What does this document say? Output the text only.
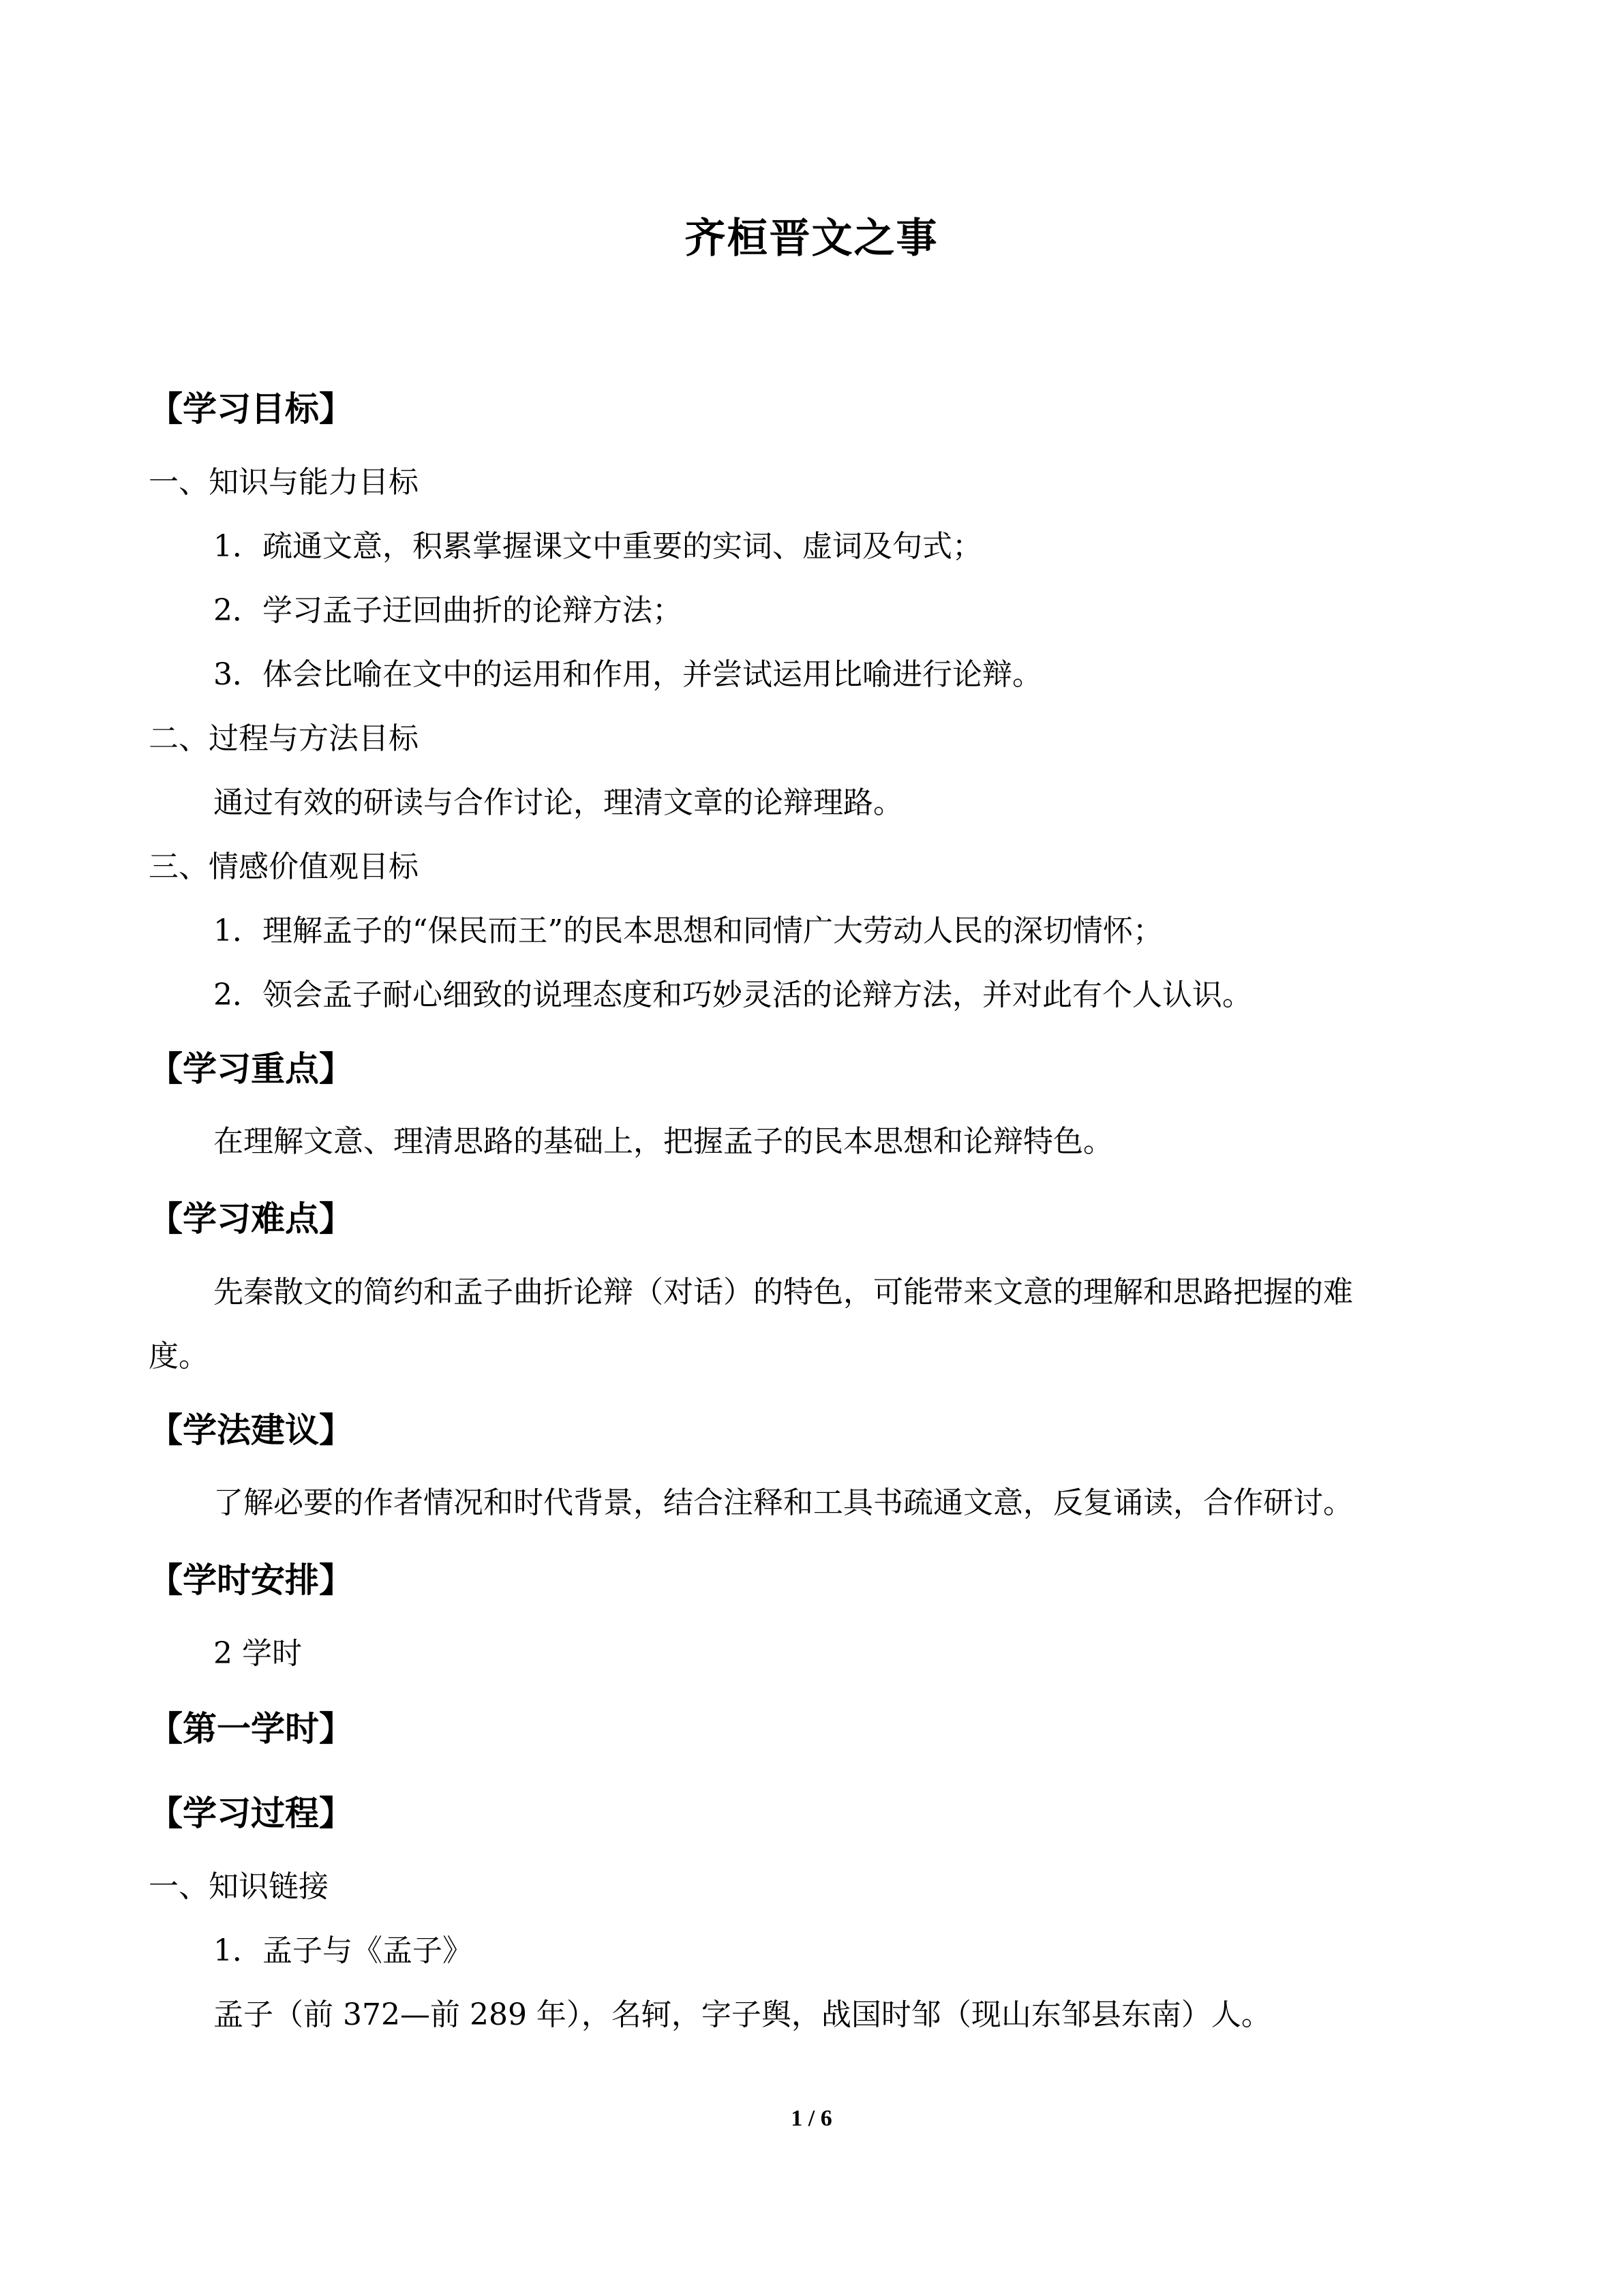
齐桓晋文之事
【学习目标】
一、知识与能力目标
1．疏通文意，积累掌握课文中重要的实词、虚词及句式；
2．学习孟子迂回曲折的论辩方法；
3．体会比喻在文中的运用和作用，并尝试运用比喻进行论辩。
二、过程与方法目标
通过有效的研读与合作讨论，理清文章的论辩理路。
三、情感价值观目标
1．理解孟子的“保民而王”的民本思想和同情广大劳动人民的深切情怀；
2．领会孟子耐心细致的说理态度和巧妙灵活的论辩方法，并对此有个人认识。
【学习重点】
在理解文意、理清思路的基础上，把握孟子的民本思想和论辩特色。
【学习难点】
先秦散文的简约和孟子曲折论辩（对话）的特色，可能带来文意的理解和思路把握的难
度。
【学法建议】
了解必要的作者情况和时代背景，结合注释和工具书疏通文意，反复诵读，合作研讨。
【学时安排】
2 学时
【第一学时】
【学习过程】
一、知识链接
1．孟子与《孟子》
孟子（前 372—前 289 年），名轲，字子舆，战国时邹（现山东邹县东南）人。
1 / 6
